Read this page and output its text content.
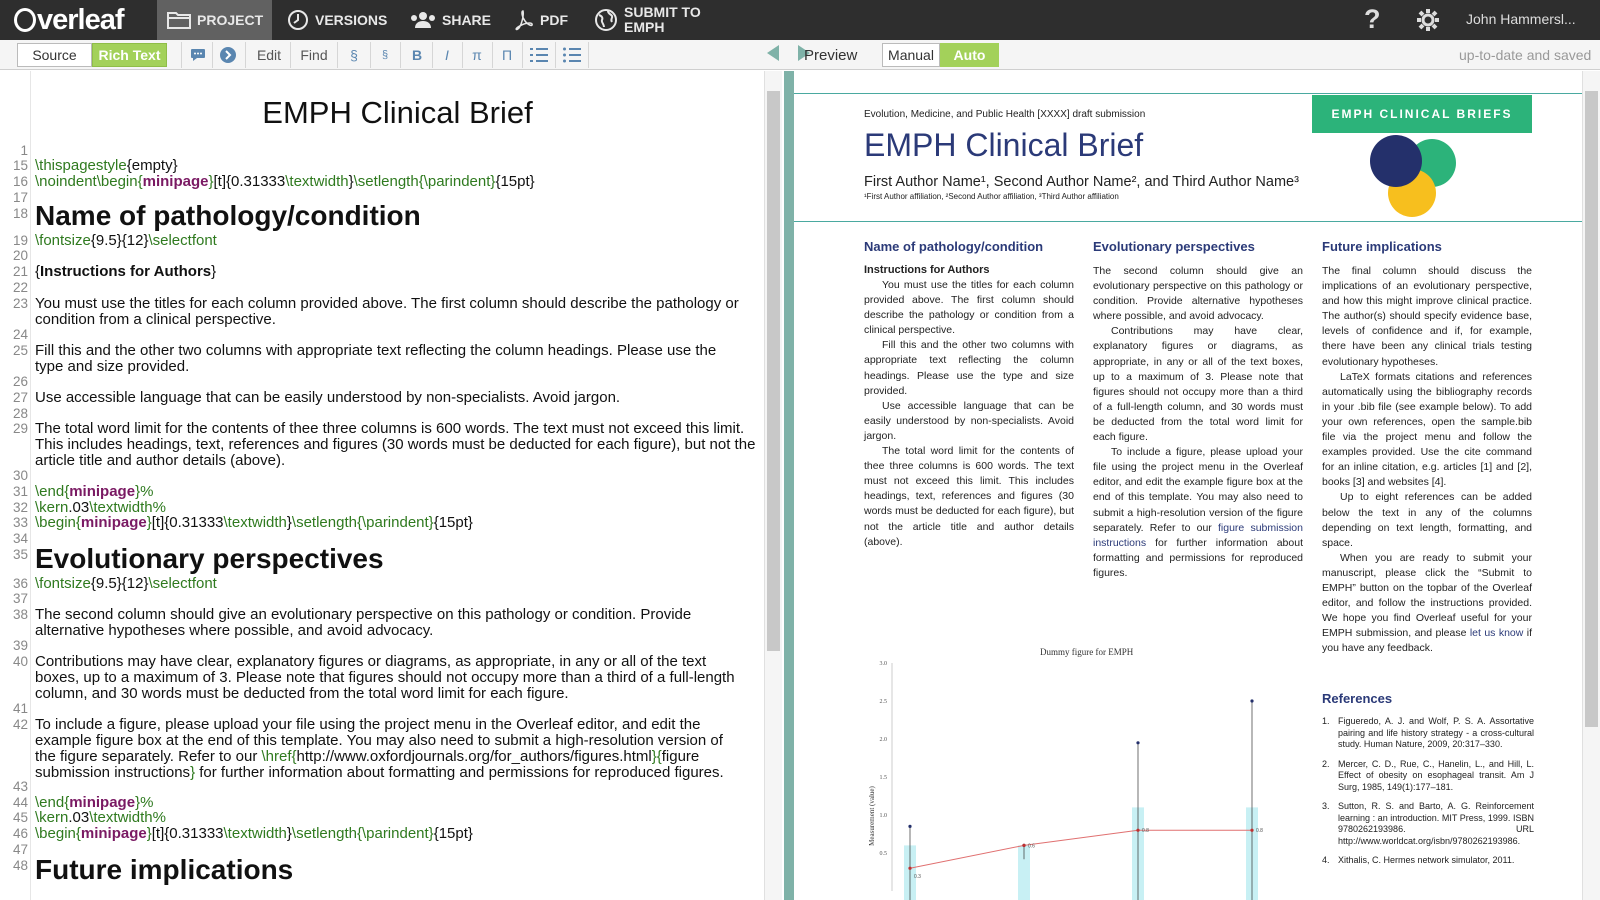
verleaf	PROJECT	VERSIONS	SHARE	PDF	SUBMIT TO
EMPH	?	John Hammersl...
Source	Rich Text	Edit	Find	§	§	B	I	π Π	Preview	Manual	Auto	up-to-date and saved
1
15
16
17
18
19
20
21
22
23
24
25
26
27
28
29
30
31
32
33
34
35
36
37
38
39
40
41
42
43
44
45
46
47
48
EMPH Clinical Brief
\thispagestyle{empty}
\noindent\begin{minipage}[t]{0.31333\textwidth}\setlength{\parindent}{15pt}
Name of pathology/condition
\fontsize{9.5}{12}\selectfont
{Instructions for Authors}
You must use the titles for each column provided above. The first column should describe the pathology or
condition from a clinical perspective.
Fill this and the other two columns with appropriate text reflecting the column headings. Please use the
type and size provided.
Use accessible language that can be easily understood by non-specialists. Avoid jargon.
The total word limit for the contents of thee three columns is 600 words. The text must not exceed this limit.
This includes headings, text, references and figures (30 words must be deducted for each figure), but not the
article title and author details (above).
\end{minipage}%
\kern.03\textwidth%
\begin{minipage}[t]{0.31333\textwidth}\setlength{\parindent}{15pt}
Evolutionary perspectives
\fontsize{9.5}{12}\selectfont
The second column should give an evolutionary perspective on this pathology or condition. Provide
alternative hypotheses where possible, and avoid advocacy.
Contributions may have clear, explanatory figures or diagrams, as appropriate, in any or all of the text
boxes, up to a maximum of 3. Please note that figures should not occupy more than a third of a full-length
column, and 30 words must be deducted from the total word limit for each figure.
To include a figure, please upload your file using the project menu in the Overleaf editor, and edit the
example figure box at the end of this template. You may also need to submit a high-resolution version of
the figure separately. Refer to our \href{http://www.oxfordjournals.org/for_authors/figures.html}{figure
submission instructions} for further information about formatting and permissions for reproduced figures.
\end{minipage}%
\kern.03\textwidth%
\begin{minipage}[t]{0.31333\textwidth}\setlength{\parindent}{15pt}
Future implications
Evolution, Medicine, and Public Health [XXXX] draft submission
EMPH Clinical Brief
First Author Name¹, Second Author Name², and Third Author Name³
¹First Author affiliation, ²Second Author affiliation, ³Third Author affiliation
EMPH CLINICAL BRIEFS
Name of pathology/condition
Instructions for Authors

You must use the titles for each column provided above. The first column should describe the pathology or condition from a clinical perspective.

Fill this and the other two columns with appropriate text reflecting the column headings. Please use the type and size provided.

Use accessible language that can be easily understood by non-specialists. Avoid jargon.

The total word limit for the contents of thee three columns is 600 words. The text must not exceed this limit. This includes headings, text, references and figures (30 words must be deducted for each figure), but not the article title and author details (above).

Evolutionary perspectives

The second column should give an evolutionary perspective on this pathology or condition. Provide alternative hypotheses where possible, and avoid advocacy.

Contributions may have clear, explanatory figures or diagrams, as appropriate, in any or all of the text boxes, up to a maximum of 3. Please note that figures should not occupy more than a third of a full-length column, and 30 words must be deducted from the total word limit for each figure.

To include a figure, please upload your file using the project menu in the Overleaf editor, and edit the example figure box at the end of this template. You may also need to submit a high-resolution version of the figure separately. Refer to our figure submission instructions for further information about formatting and permissions for reproduced figures.

Future implications

The final column should discuss the implications of an evolutionary perspective, and how this might improve clinical practice. The author(s) should specify evidence base, levels of confidence and if, for example, there have been any clinical trials testing evolutionary hypotheses.

LaTeX formats citations and references automatically using the bibliography records in your .bib file (see example below). To add your own references, open the sample.bib file via the project menu and follow the examples provided. Use the cite command for an inline citation, e.g. articles [1] and [2], books [3] and websites [4].

Up to eight references can be added below the text in any of the columns depending on text length, formatting, and space.

When you are ready to submit your manuscript, please click the “Submit to EMPH” button on the topbar of the Overleaf editor, and follow the instructions provided. We hope you find Overleaf useful for your EMPH submission, and please let us know if you have any feedback.

References
1. Figueredo, A. J. and Wolf, P. S. A. Assortative pairing and life history strategy - a cross-cultural study. Human Nature, 2009, 20:317–330.
2. Mercer, C. D., Rue, C., Hanelin, L., and Hill, L. Effect of obesity on esophageal transit. Am J Surg, 1985, 149(1):177–181.
3. Sutton, R. S. and Barto, A. G. Reinforcement learning : an introduction. MIT Press, 1999. ISBN 9780262193986. URL http://www.worldcat.org/isbn/9780262193986.
4. Xithalis, C. Hermes network simulator, 2011.
Dummy figure for EMPH
Measurement (value)
0.5
1.0
1.5
2.0
2.5
3.0
0.3
0.6
0.8	0.8
